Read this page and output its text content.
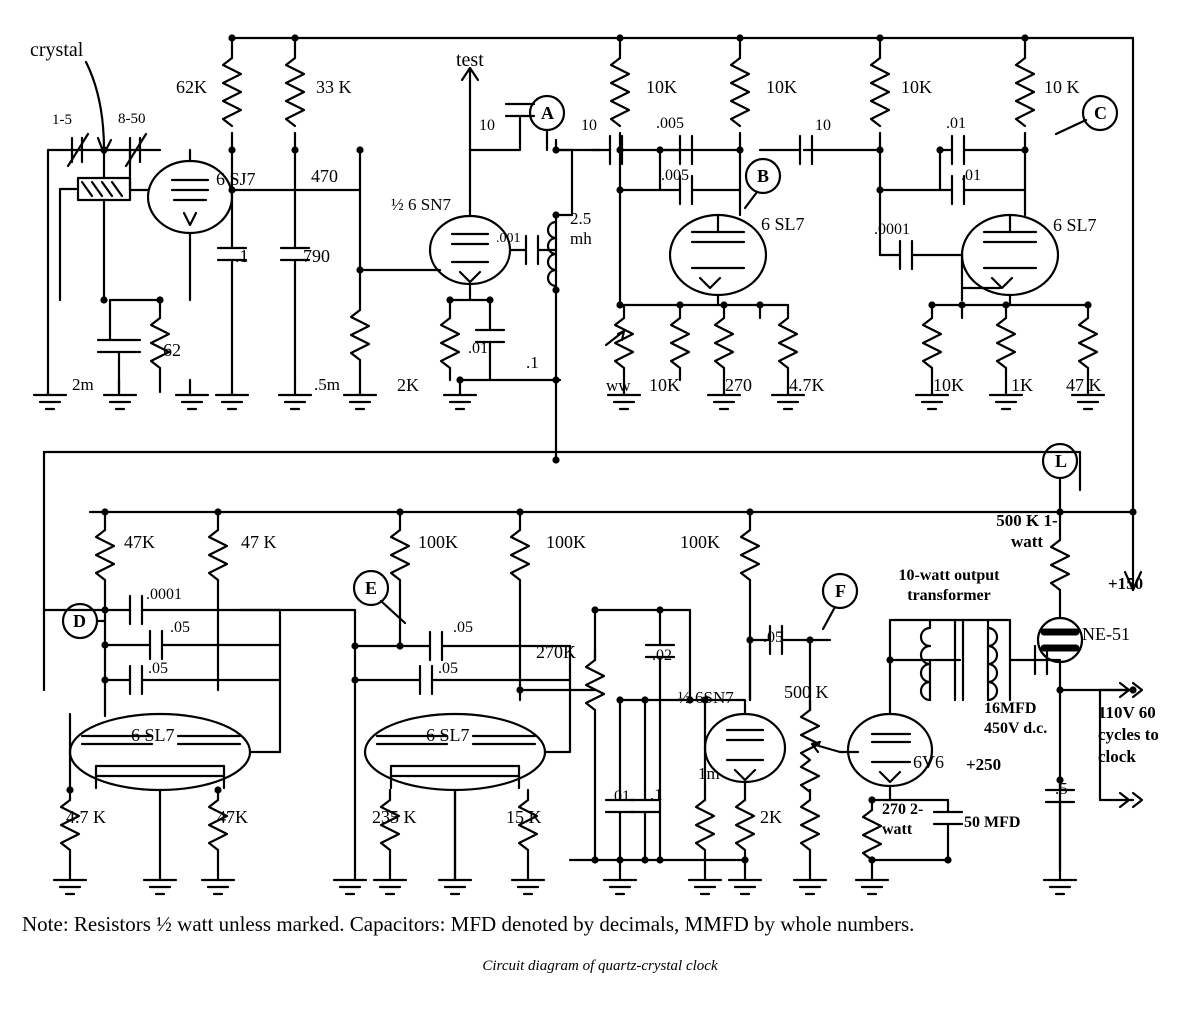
crystal
1-5	8-50
62K	33 K
test
10	10
10K	10K	10K	10 K
.005	10	.01
6 SJ7	470	.005	.01
½ 6 SN7
.001
2.5 mh
6 SL7	6 SL7
.0001
.1	790
62	.01
.1
2m	.5m	2K	ww 10K	270 4.7K	10K	1K 47 K
47K	47 K	100K	100K	100K
500 K 1-watt
10-watt output transformer
+150
.0001
.05
.05
.05
.05
270K	.02
½ 6SN7
.05
500 K
NE-51
16MFD 450V d.c.
+250
6 SL7	6 SL7
6V6
1m
110V 60 cycles to clock
.5
4.7 K	47K	235 K	15 K
.01 .1
2K	270 2-watt	50 MFD
A
B
C
D
E	F
L
Note: Resistors ½ watt unless marked. Capacitors: MFD denoted by decimals, MMFD by whole numbers.
Circuit diagram of quartz-crystal clock
